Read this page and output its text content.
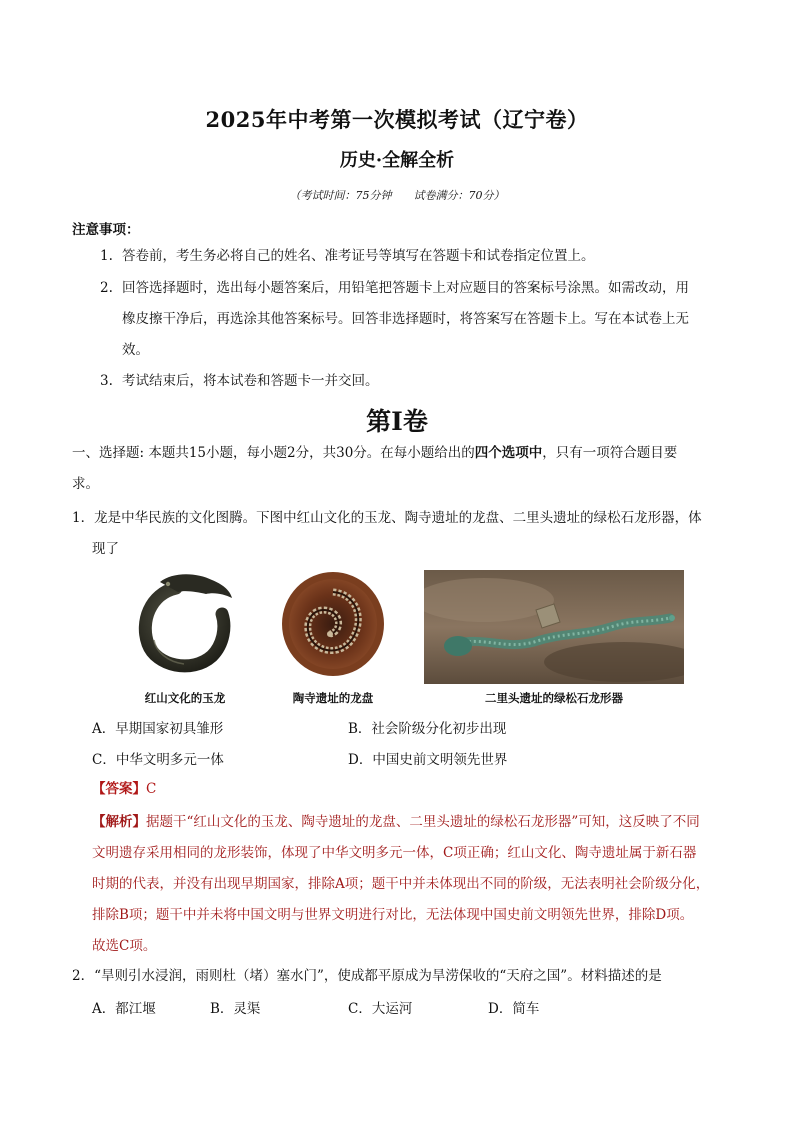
2025年中考第一次模拟考试（辽宁卷）
历史·全解全析
（考试时间：75分钟 试卷满分：70分）
注意事项：
1. 答卷前，考生务必将自己的姓名、准考证号等填写在答题卡和试卷指定位置上。
2. 回答选择题时，选出每小题答案后，用铅笔把答题卡上对应题目的答案标号涂黑。如需改动，用
橡皮擦干净后，再选涂其他答案标号。回答非选择题时，将答案写在答题卡上。写在本试卷上无
效。
3. 考试结束后，将本试卷和答题卡一并交回。
第Ⅰ卷
一、选择题: 本题共15小题，每小题2分，共30分。在每小题给出的四个选项中，只有一项符合题目要
求。
1．龙是中华民族的文化图腾。下图中红山文化的玉龙、陶寺遗址的龙盘、二里头遗址的绿松石龙形器，体
现了
红山文化的玉龙	陶寺遗址的龙盘	二里头遗址的绿松石龙形器
A．早期国家初具雏形	B．社会阶级分化初步出现
C．中华文明多元一体	D．中国史前文明领先世界
【答案】C
【解析】据题干“红山文化的玉龙、陶寺遗址的龙盘、二里头遗址的绿松石龙形器”可知，这反映了不同
文明遗存采用相同的龙形装饰，体现了中华文明多元一体，C项正确；红山文化、陶寺遗址属于新石器
时期的代表，并没有出现早期国家，排除A项；题干中并未体现出不同的阶级，无法表明社会阶级分化，
排除B项；题干中并未将中国文明与世界文明进行对比，无法体现中国史前文明领先世界，排除D项。
故选C项。
2．“旱则引水浸润，雨则杜（堵）塞水门”，使成都平原成为旱涝保收的“天府之国”。材料描述的是
A．都江堰	B．灵渠	C．大运河	D．简车
